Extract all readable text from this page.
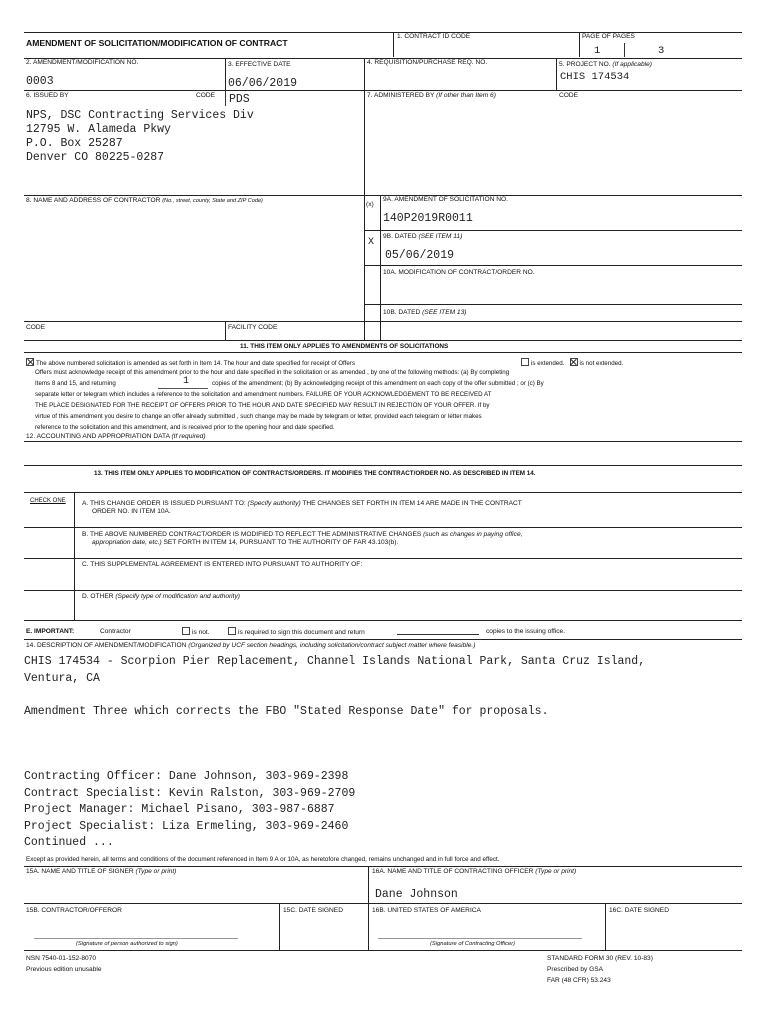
AMENDMENT OF SOLICITATION/MODIFICATION OF CONTRACT
1. CONTRACT ID CODE	PAGE OF PAGES
1	3
2. AMENDMENT/MODIFICATION NO.
0003
3. EFFECTIVE DATE
06/06/2019
4. REQUISITION/PURCHASE REQ. NO.	5. PROJECT NO. (If applicable)
CHIS 174534
6. ISSUED BY	CODE PDS	7. ADMINISTERED BY (If other than Item 6)	CODE
NPS, DSC Contracting Services Div
12795 W. Alameda Pkwy
P.O. Box 25287
Denver CO 80225-0287
8. NAME AND ADDRESS OF CONTRACTOR (No., street, county, State and ZIP Code)	(x)
9A. AMENDMENT OF SOLICITATION NO.
140P2019R0011
X
9B. DATED (SEE ITEM 11)
05/06/2019
10A. MODIFICATION OF CONTRACT/ORDER NO.
10B. DATED (SEE ITEM 13)
CODE	FACILITY CODE
11. THIS ITEM ONLY APPLIES TO AMENDMENTS OF SOLICITATIONS
The above numbered solicitation is amended as set forth in Item 14. The hour and date specified for receipt of Offers	is extended. is not extended.
Offers must acknowledge receipt of this amendment prior to the hour and date specified in the solicitation or as amended , by one of the following methods: (a) By completing
Items 8 and 15, and returning	1	copies of the amendment; (b) By acknowledging receipt of this amendment on each copy of the offer submitted ; or (c) By
separate letter or telegram which includes a reference to the solicitation and amendment numbers. FAILURE OF YOUR ACKNOWLEDGEMENT TO BE RECEIVED AT
THE PLACE DESIGNATED FOR THE RECEIPT OF OFFERS PRIOR TO THE HOUR AND DATE SPECIFIED MAY RESULT IN REJECTION OF YOUR OFFER. If by
virtue of this amendment you desire to change an offer already submitted , such change may be made by telegram or letter, provided each telegram or letter makes
reference to the solicitation and this amendment, and is received prior to the opening hour and date specified.
12. ACCOUNTING AND APPROPRIATION DATA (If required)
13. THIS ITEM ONLY APPLIES TO MODIFICATION OF CONTRACTS/ORDERS. IT MODIFIES THE CONTRACT/ORDER NO. AS DESCRIBED IN ITEM 14.
CHECK ONE A. THIS CHANGE ORDER IS ISSUED PURSUANT TO: (Specify authority) THE CHANGES SET FORTH IN ITEM 14 ARE MADE IN THE CONTRACT
ORDER NO. IN ITEM 10A.
B. THE ABOVE NUMBERED CONTRACT/ORDER IS MODIFIED TO REFLECT THE ADMINISTRATIVE CHANGES (such as changes in paying office,
appropriation date, etc.) SET FORTH IN ITEM 14, PURSUANT TO THE AUTHORITY OF FAR 43.103(b).
C. THIS SUPPLEMENTAL AGREEMENT IS ENTERED INTO PURSUANT TO AUTHORITY OF:
D. OTHER (Specify type of modification and authority)
E. IMPORTANT:	Contractor	is not.	is required to sign this document and return	copies to the issuing office.
14. DESCRIPTION OF AMENDMENT/MODIFICATION (Organized by UCF section headings, including solicitation/contract subject matter where feasible.)
CHIS 174534 - Scorpion Pier Replacement, Channel Islands National Park, Santa Cruz Island,
Ventura, CA
Amendment Three which corrects the FBO "Stated Response Date" for proposals.
Contracting Officer: Dane Johnson, 303-969-2398
Contract Specialist: Kevin Ralston, 303-969-2709
Project Manager: Michael Pisano, 303-987-6887
Project Specialist: Liza Ermeling, 303-969-2460
Continued ...
Except as provided herein, all terms and conditions of the document referenced in Item 9 A or 10A, as heretofore changed, remains unchanged and in full force and effect.
15A. NAME AND TITLE OF SIGNER (Type or print)	16A. NAME AND TITLE OF CONTRACTING OFFICER (Type or print)
Dane Johnson
15B. CONTRACTOR/OFFEROR	15C. DATE SIGNED	16B. UNITED STATES OF AMERICA	16C. DATE SIGNED
(Signature of person authorized to sign)	(Signature of Contracting Officer)
NSN 7540-01-152-8070
Previous edition unusable
STANDARD FORM 30 (REV. 10-83)
Prescribed by GSA
FAR (48 CFR) 53.243
